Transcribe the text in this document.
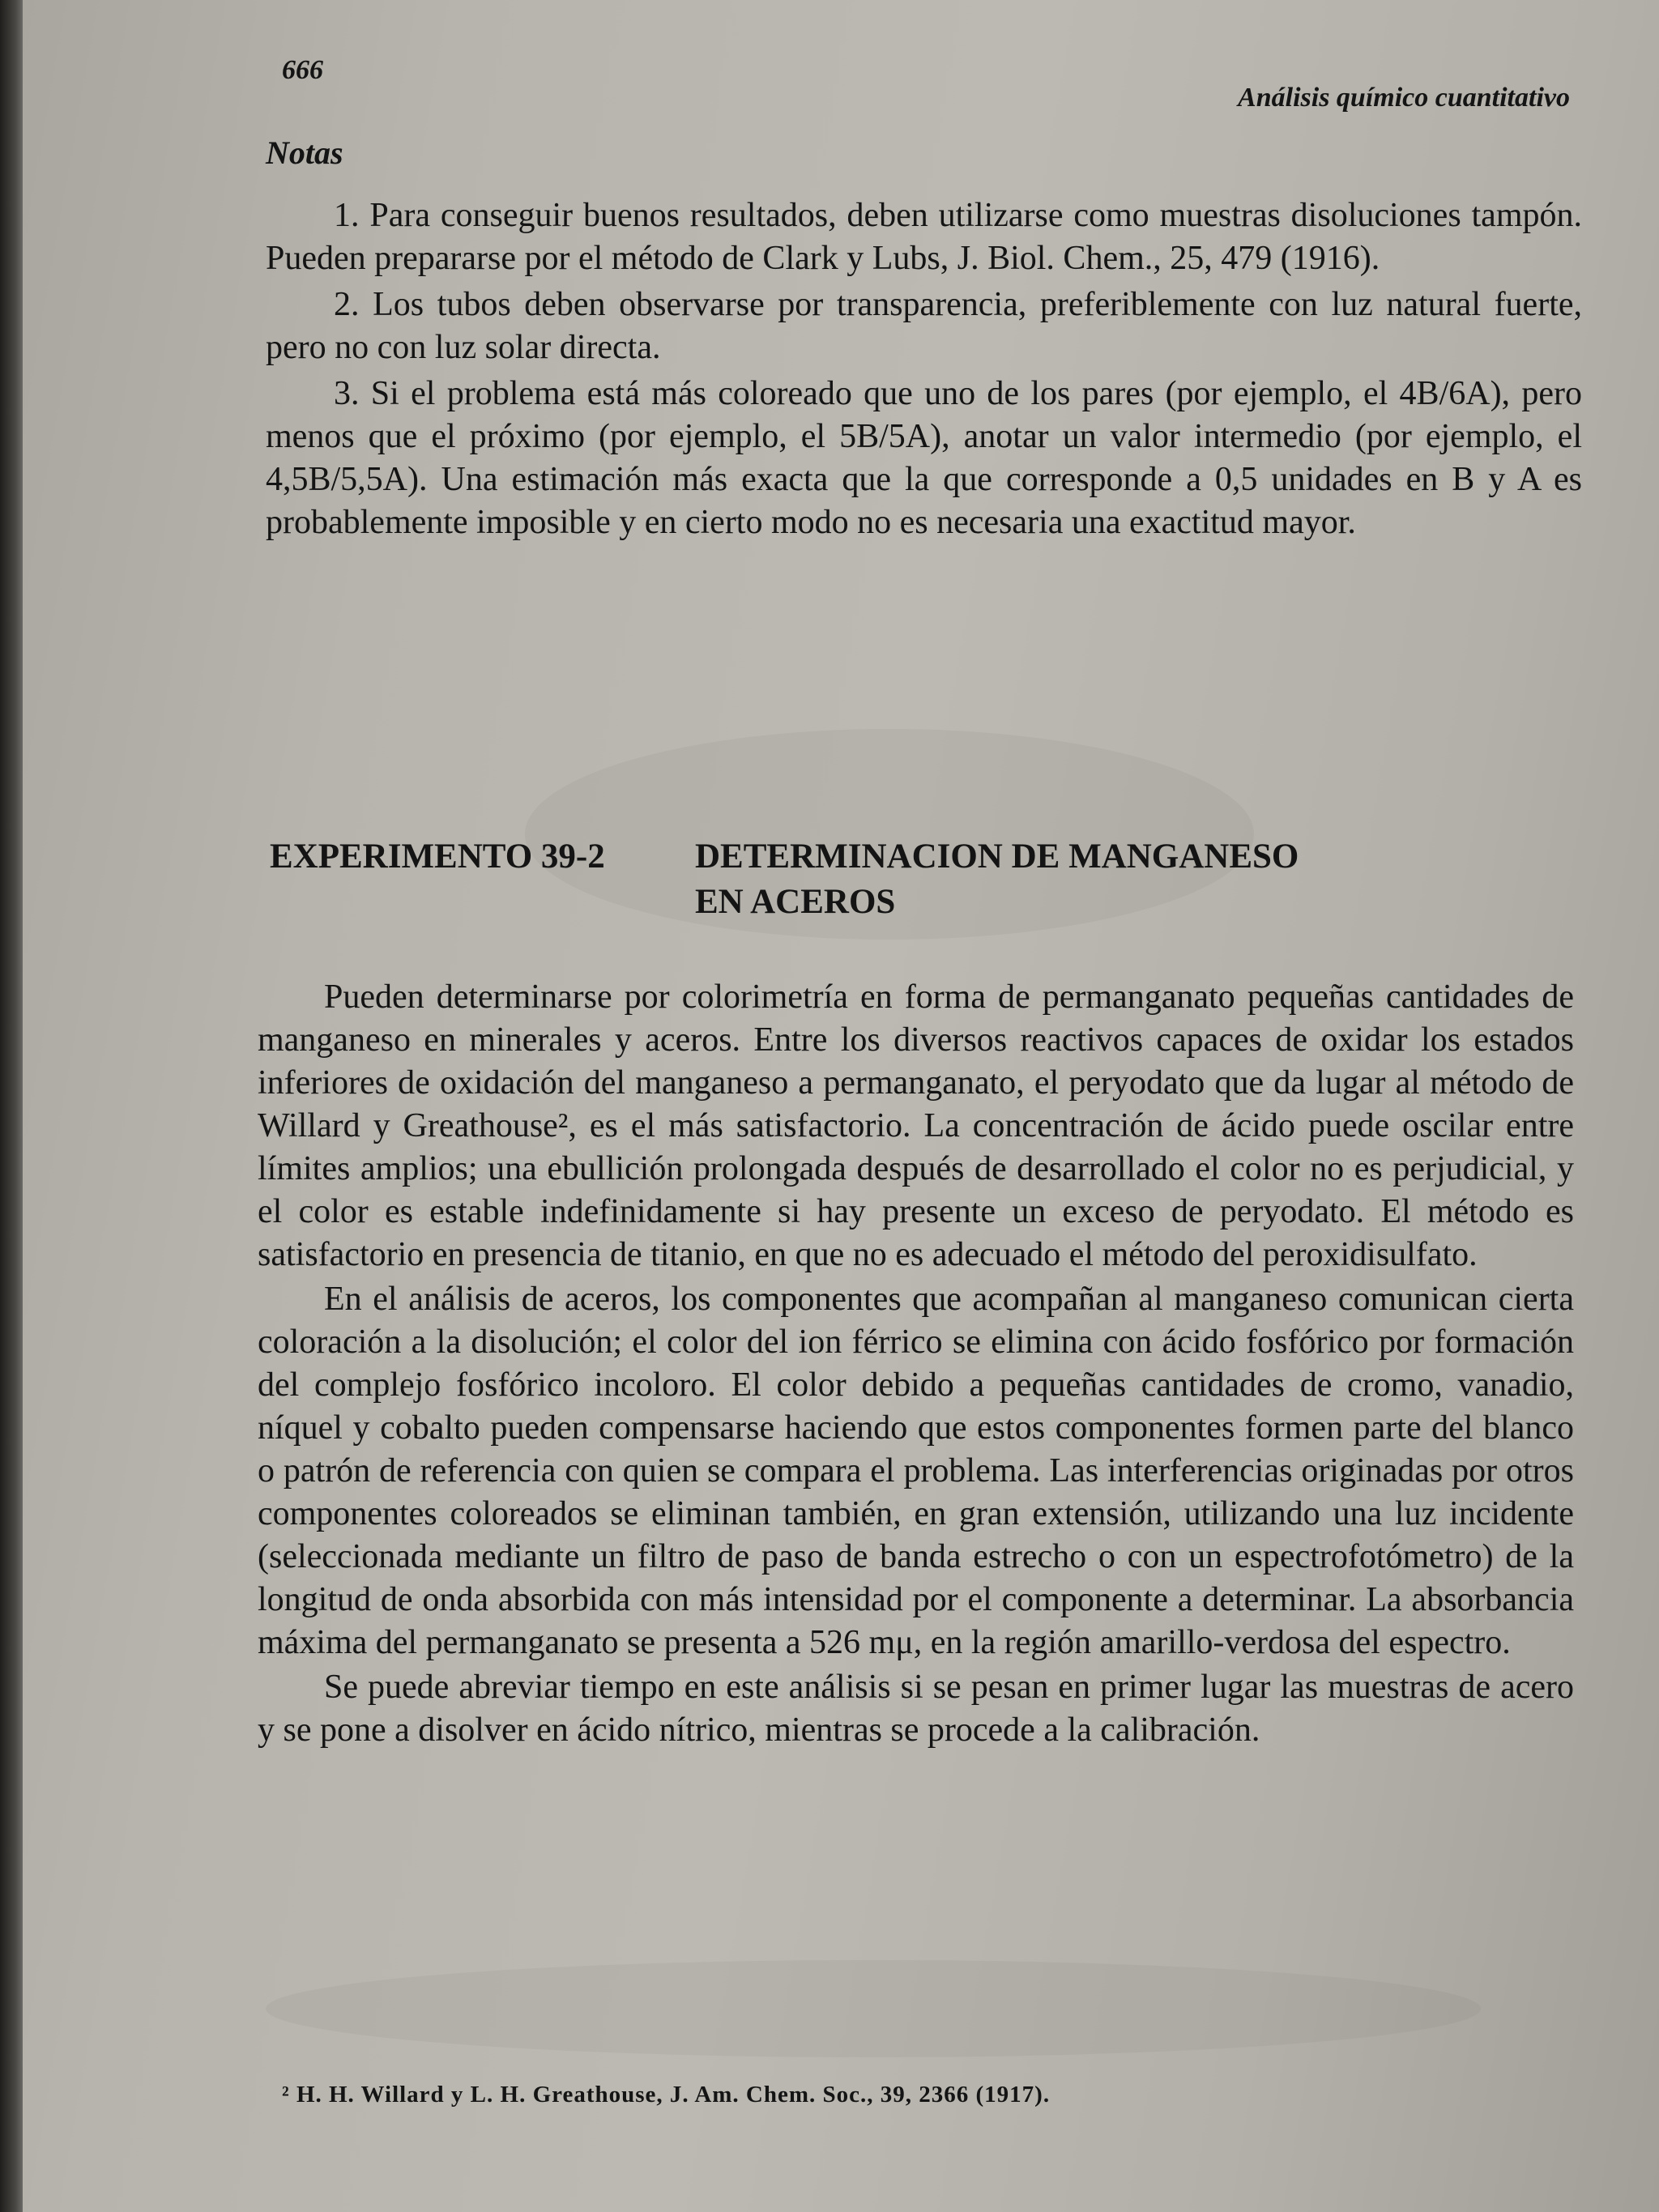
666
Análisis químico cuantitativo
Notas

1. Para conseguir buenos resultados, deben utilizarse como muestras disoluciones tampón. Pueden prepararse por el método de Clark y Lubs, J. Biol. Chem., 25, 479 (1916).

2. Los tubos deben observarse por transparencia, preferiblemente con luz natural fuerte, pero no con luz solar directa.

3. Si el problema está más coloreado que uno de los pares (por ejemplo, el 4B/6A), pero menos que el próximo (por ejemplo, el 5B/5A), anotar un valor intermedio (por ejemplo, el 4,5B/5,5A). Una estimación más exacta que la que corresponde a 0,5 unidades en B y A es probablemente imposible y en cierto modo no es necesaria una exactitud mayor.

EXPERIMENTO 39-2	DETERMINACION DE MANGANESO
EN ACEROS

Pueden determinarse por colorimetría en forma de permanganato pequeñas cantidades de manganeso en minerales y aceros. Entre los diversos reactivos capaces de oxidar los estados inferiores de oxidación del manganeso a permanganato, el peryodato que da lugar al método de Willard y Greathouse², es el más satisfactorio. La concentración de ácido puede oscilar entre límites amplios; una ebullición prolongada después de desarrollado el color no es perjudicial, y el color es estable indefinidamente si hay presente un exceso de peryodato. El método es satisfactorio en presencia de titanio, en que no es adecuado el método del peroxidisulfato.

En el análisis de aceros, los componentes que acompañan al manganeso comunican cierta coloración a la disolución; el color del ion férrico se elimina con ácido fosfórico por formación del complejo fosfórico incoloro. El color debido a pequeñas cantidades de cromo, vanadio, níquel y cobalto pueden compensarse haciendo que estos componentes formen parte del blanco o patrón de referencia con quien se compara el problema. Las interferencias originadas por otros componentes coloreados se eliminan también, en gran extensión, utilizando una luz incidente (seleccionada mediante un filtro de paso de banda estrecho o con un espectrofotómetro) de la longitud de onda absorbida con más intensidad por el componente a determinar. La absorbancia máxima del permanganato se presenta a 526 mμ, en la región amarillo-verdosa del espectro.

Se puede abreviar tiempo en este análisis si se pesan en primer lugar las muestras de acero y se pone a disolver en ácido nítrico, mientras se procede a la calibración.

² H. H. Willard y L. H. Greathouse, J. Am. Chem. Soc., 39, 2366 (1917).
